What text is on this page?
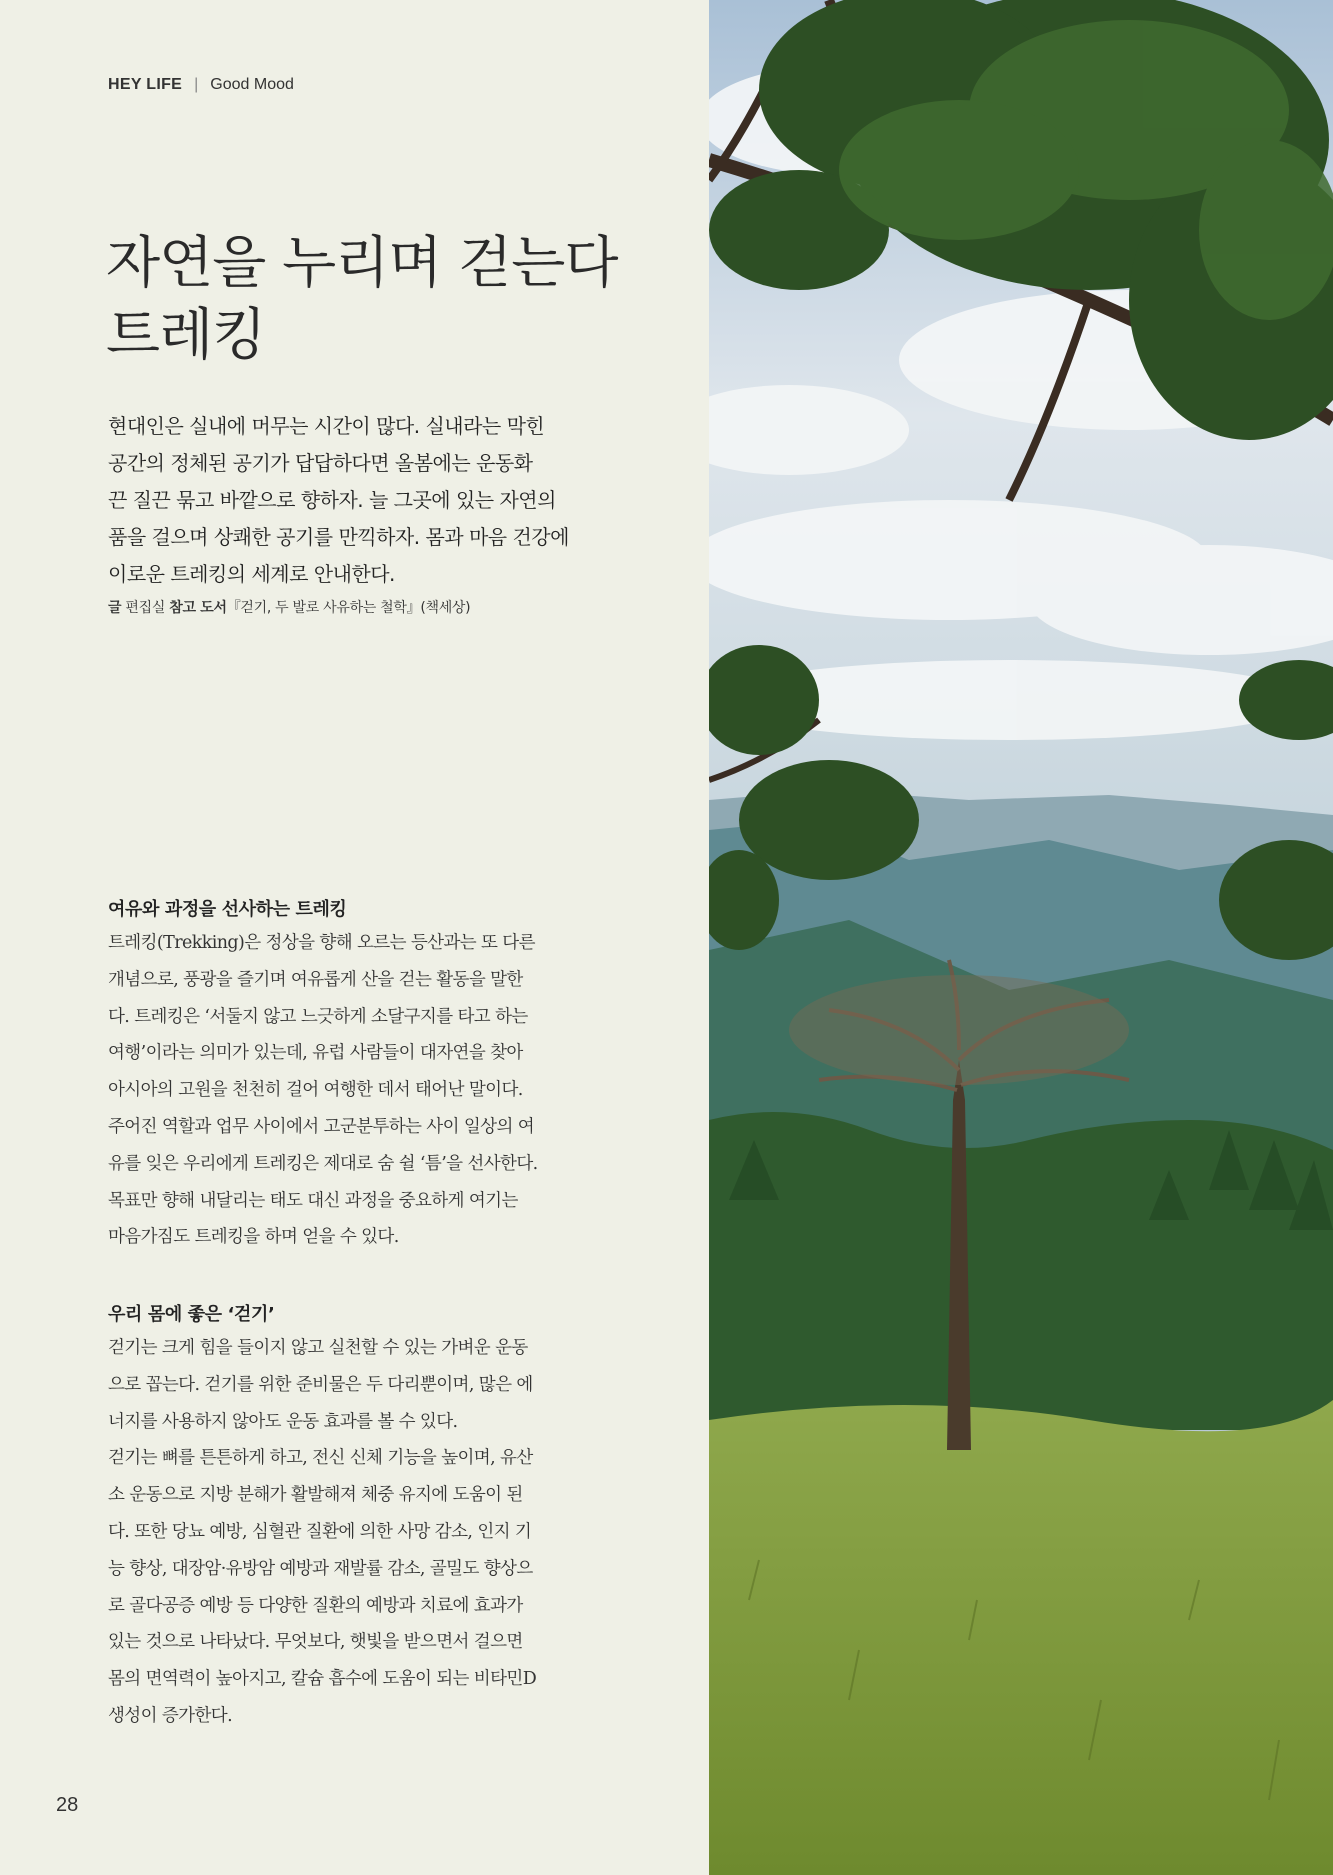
HEY LIFE | Good Mood
자연을 누리며 걷는다
트레킹
현대인은 실내에 머무는 시간이 많다. 실내라는 막힌
공간의 정체된 공기가 답답하다면 올봄에는 운동화
끈 질끈 묶고 바깥으로 향하자. 늘 그곳에 있는 자연의
품을 걸으며 상쾌한 공기를 만끽하자. 몸과 마음 건강에
이로운 트레킹의 세계로 안내한다.
글 편집실 참고 도서『걷기, 두 발로 사유하는 철학』(책세상)
여유와 과정을 선사하는 트레킹
트레킹(Trekking)은 정상을 향해 오르는 등산과는 또 다른
개념으로, 풍광을 즐기며 여유롭게 산을 걷는 활동을 말한
다. 트레킹은 ‘서둘지 않고 느긋하게 소달구지를 타고 하는
여행’이라는 의미가 있는데, 유럽 사람들이 대자연을 찾아
아시아의 고원을 천천히 걸어 여행한 데서 태어난 말이다.
주어진 역할과 업무 사이에서 고군분투하는 사이 일상의 여
유를 잊은 우리에게 트레킹은 제대로 숨 쉴 ‘틈’을 선사한다.
목표만 향해 내달리는 태도 대신 과정을 중요하게 여기는
마음가짐도 트레킹을 하며 얻을 수 있다.
우리 몸에 좋은 ‘걷기’
걷기는 크게 힘을 들이지 않고 실천할 수 있는 가벼운 운동
으로 꼽는다. 걷기를 위한 준비물은 두 다리뿐이며, 많은 에
너지를 사용하지 않아도 운동 효과를 볼 수 있다.
걷기는 뼈를 튼튼하게 하고, 전신 신체 기능을 높이며, 유산
소 운동으로 지방 분해가 활발해져 체중 유지에 도움이 된
다. 또한 당뇨 예방, 심혈관 질환에 의한 사망 감소, 인지 기
능 향상, 대장암·유방암 예방과 재발률 감소, 골밀도 향상으
로 골다공증 예방 등 다양한 질환의 예방과 치료에 효과가
있는 것으로 나타났다. 무엇보다, 햇빛을 받으면서 걸으면
몸의 면역력이 높아지고, 칼슘 흡수에 도움이 되는 비타민D
생성이 증가한다.
28
